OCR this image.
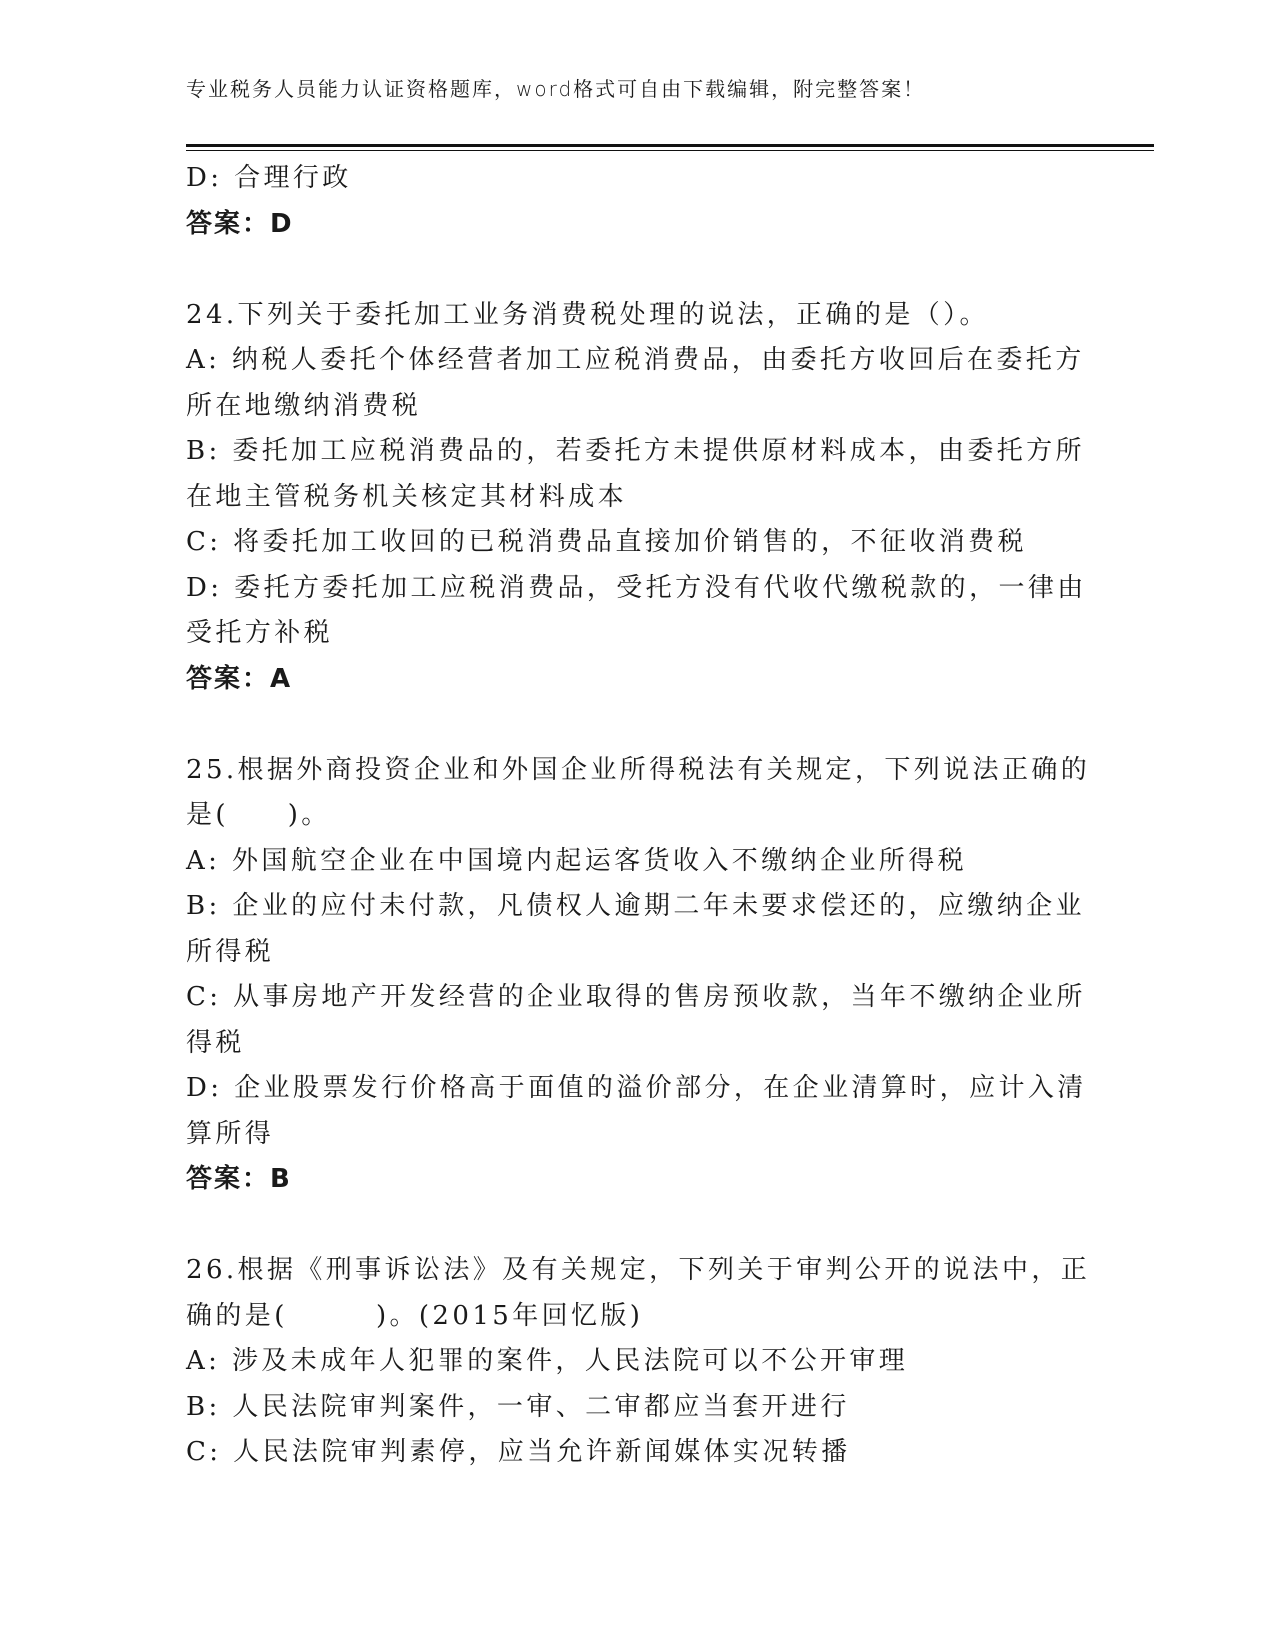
专业税务人员能力认证资格题库，word格式可自由下载编辑，附完整答案！
D: 合理行政
答案：D
24.下列关于委托加工业务消费税处理的说法，正确的是（）。
A: 纳税人委托个体经营者加工应税消费品，由委托方收回后在委托方
所在地缴纳消费税
B: 委托加工应税消费品的，若委托方未提供原材料成本，由委托方所
在地主管税务机关核定其材料成本
C: 将委托加工收回的已税消费品直接加价销售的，不征收消费税
D: 委托方委托加工应税消费品，受托方没有代收代缴税款的，一律由
受托方补税
答案：A
25.根据外商投资企业和外国企业所得税法有关规定，下列说法正确的
是(　　)。
A: 外国航空企业在中国境内起运客货收入不缴纳企业所得税
B: 企业的应付未付款，凡债权人逾期二年未要求偿还的，应缴纳企业
所得税
C: 从事房地产开发经营的企业取得的售房预收款，当年不缴纳企业所
得税
D: 企业股票发行价格高于面值的溢价部分，在企业清算时，应计入清
算所得
答案：B
26.根据《刑事诉讼法》及有关规定，下列关于审判公开的说法中，正
确的是(　　　)。(2015年回忆版)
A: 涉及未成年人犯罪的案件，人民法院可以不公开审理
B: 人民法院审判案件，一审、二审都应当套开进行
C: 人民法院审判素停，应当允许新闻媒体实况转播
